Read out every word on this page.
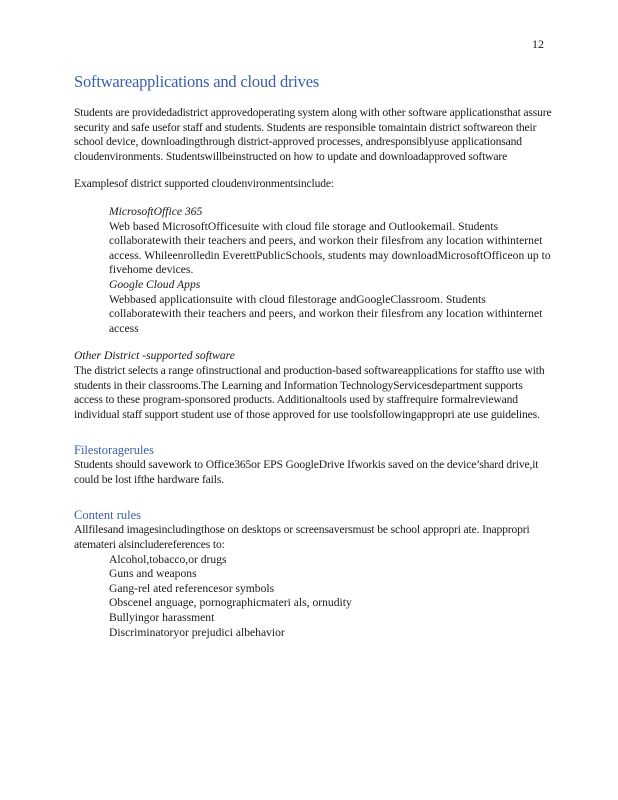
12
Softwareapplications and cloud drives

Students are providedadistrict approvedoperating system along with other software applicationsthat assure security and safe usefor staff and students. Students are responsible tomaintain district softwareon their school device, downloadingthrough district-approved processes, andresponsiblyuse applicationsand cloudenvironments. Studentswillbeinstructed on how to update and downloadapproved software

Examplesof district supported cloudenvironmentsinclude:

MicrosoftOffice 365
Web based MicrosoftOfficesuite with cloud file storage and Outlookemail. Students collaboratewith their teachers and peers, and workon their filesfrom any location withinternet access. Whileenrolledin EverettPublicSchools, students may downloadMicrosoftOfficeon up to fivehome devices.
Google Cloud Apps
Webbased applicationsuite with cloud filestorage andGoogleClassroom. Students collaboratewith their teachers and peers, and workon their filesfrom any location withinternet access
Other District -supported software

The district selects a range ofinstructional and production-based softwareapplications for staffto use with students in their classrooms.The Learning and Information TechnologyServicesdepartment supports access to these program-sponsored products. Additionaltools used by staffrequire formalreviewand individual staff support student use of those approved for use toolsfollowingappropri ate use guidelines.

Filestoragerules

Students should savework to Office365or EPS GoogleDrive Ifworkis saved on the device’shard drive,it could be lost ifthe hardware fails.

Content rules

Allfilesand imagesincludingthose on desktops or screensaversmust be school appropri ate. Inappropri atemateri alsincludereferences to:

Alcohol,tobacco,or drugs
Guns and weapons
Gang-rel ated referencesor symbols
Obscenel anguage, pornographicmateri als, ornudity
Bullyingor harassment
Discriminatoryor prejudici albehavior
